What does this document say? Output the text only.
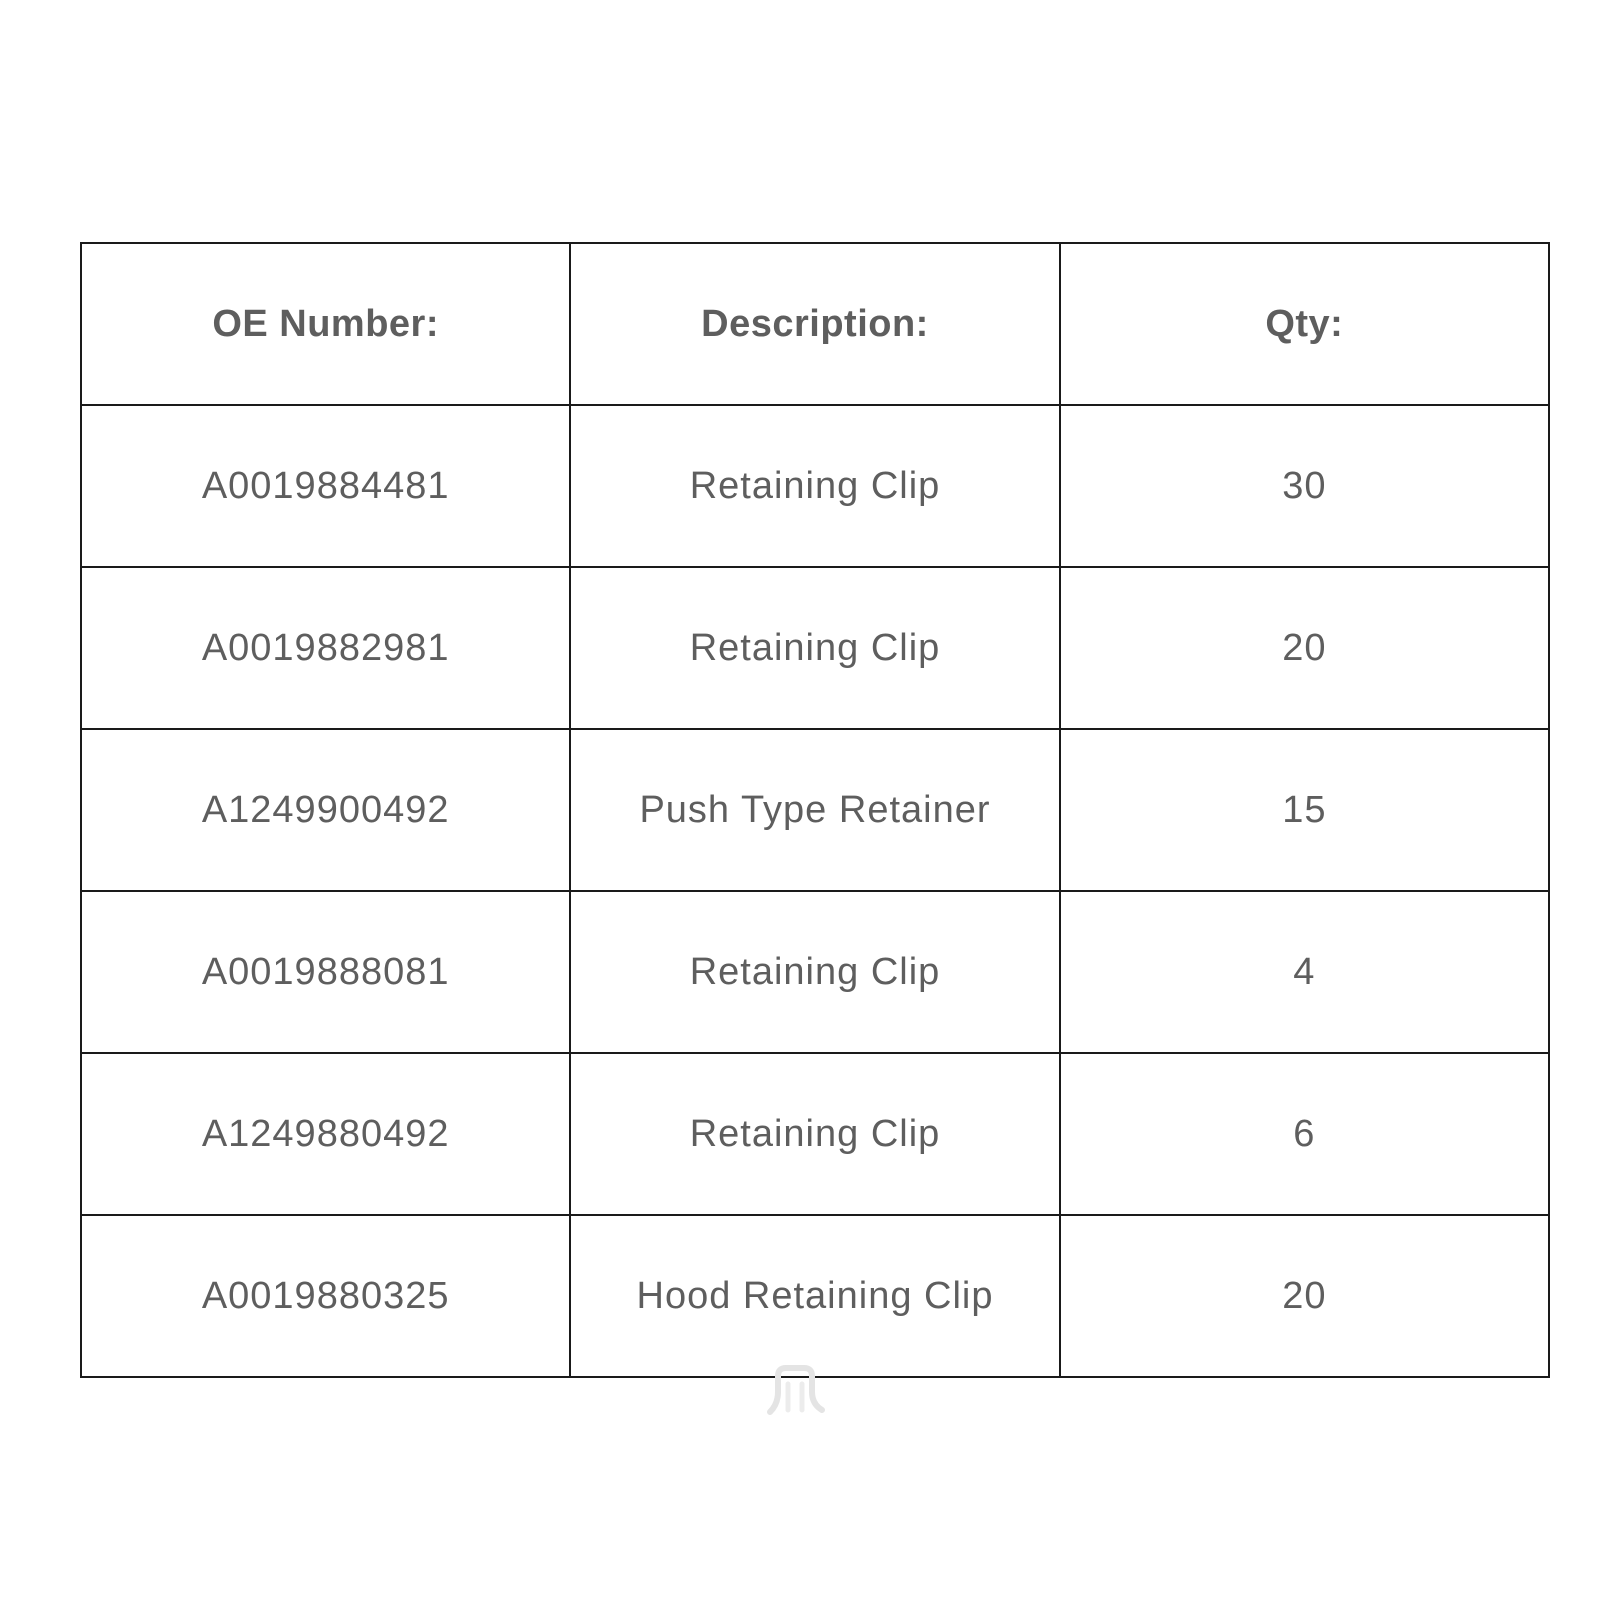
OE Number:	Description:	Qty:
A0019884481	Retaining Clip	30
A0019882981	Retaining Clip	20
A1249900492	Push Type Retainer	15
A0019888081	Retaining Clip	4
A1249880492	Retaining Clip	6
A0019880325	Hood Retaining Clip	20
